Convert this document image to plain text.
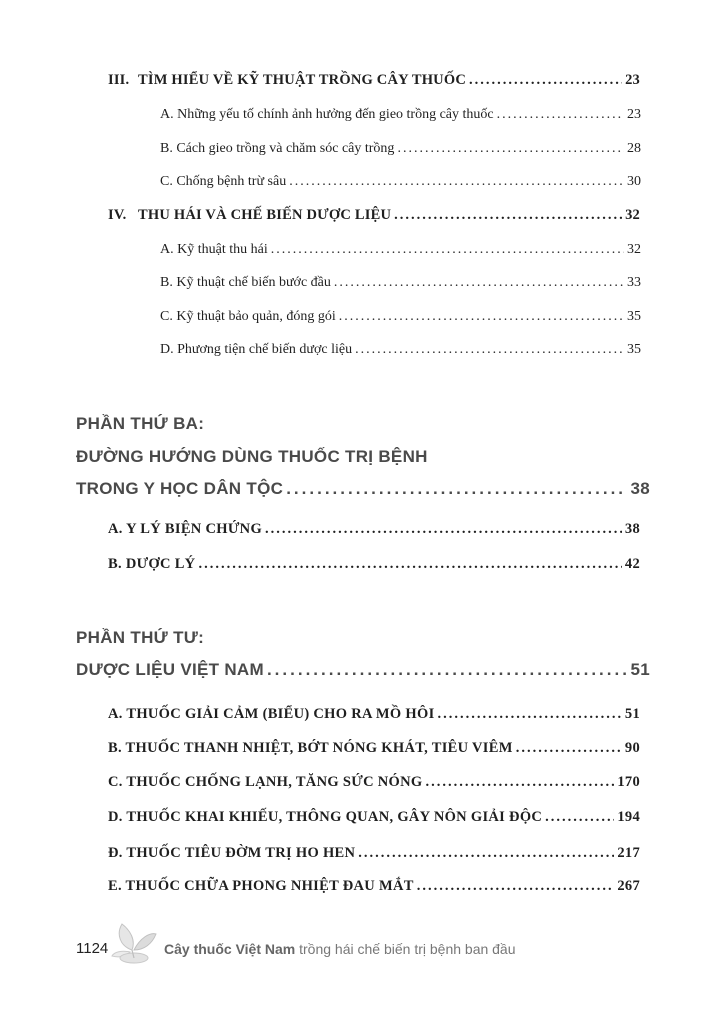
III. TÌM HIỂU VỀ KỸ THUẬT TRỒNG CÂY THUỐC .....	23
A. Những yếu tố chính ảnh hưởng đến gieo trồng cây thuốc .....	23
B. Cách gieo trồng và chăm sóc cây trồng .....	28
C. Chống bệnh trừ sâu .....	30
IV. THU HÁI VÀ CHẾ BIẾN DƯỢC LIỆU .....	32
A. Kỹ thuật thu hái .....	32
B. Kỹ thuật chế biến bước đầu .....	33
C. Kỹ thuật bảo quản, đóng gói .....	35
D. Phương tiện chế biến dược liệu .....	35
PHẦN THỨ BA:
ĐƯỜNG HƯỚNG DÙNG THUỐC TRỊ BỆNH
TRONG Y HỌC DÂN TỘC .....	38
A. Y LÝ BIỆN CHỨNG .....	38
B. DƯỢC LÝ .....	42
PHẦN THỨ TƯ:
DƯỢC LIỆU VIỆT NAM .....	51
A. THUỐC GIẢI CẢM (BIỂU) CHO RA MỒ HÔI .....	51
B. THUỐC THANH NHIỆT, BỚT NÓNG KHÁT, TIÊU VIÊM .....	90
C. THUỐC CHỐNG LẠNH, TĂNG SỨC NÓNG .....	170
D. THUỐC KHAI KHIẾU, THÔNG QUAN, GÂY NÔN GIẢI ĐỘC .....	194
Đ. THUỐC TIÊU ĐỜM TRỊ HO HEN .....	217
E. THUỐC CHỮA PHONG NHIỆT ĐAU MẮT .....	267
1124	Cây thuốc Việt Nam trồng hái chế biến trị bệnh ban đầu
